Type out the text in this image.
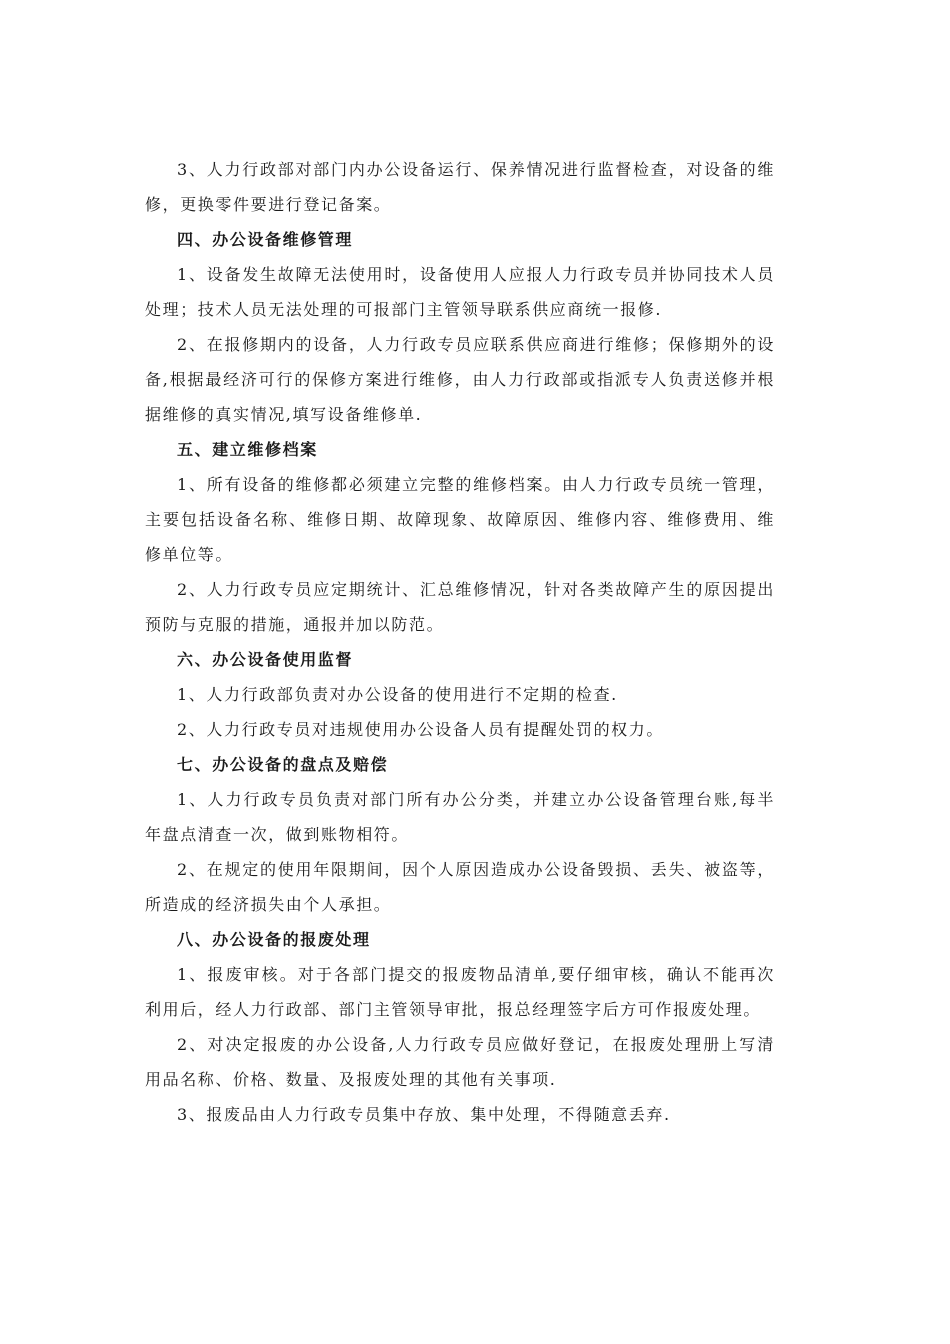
3、人力行政部对部门内办公设备运行、保养情况进行监督检查，对设备的维修，更换零件要进行登记备案。

四、办公设备维修管理

1、设备发生故障无法使用时，设备使用人应报人力行政专员并协同技术人员处理；技术人员无法处理的可报部门主管领导联系供应商统一报修.

2、在报修期内的设备，人力行政专员应联系供应商进行维修；保修期外的设备,根据最经济可行的保修方案进行维修，由人力行政部或指派专人负责送修并根据维修的真实情况,填写设备维修单.

五、建立维修档案

1、所有设备的维修都必须建立完整的维修档案。由人力行政专员统一管理，主要包括设备名称、维修日期、故障现象、故障原因、维修内容、维修费用、维修单位等。

2、人力行政专员应定期统计、汇总维修情况，针对各类故障产生的原因提出预防与克服的措施，通报并加以防范。

六、办公设备使用监督

1、人力行政部负责对办公设备的使用进行不定期的检查.

2、人力行政专员对违规使用办公设备人员有提醒处罚的权力。

七、办公设备的盘点及赔偿

1、人力行政专员负责对部门所有办公分类，并建立办公设备管理台账,每半年盘点清查一次，做到账物相符。

2、在规定的使用年限期间，因个人原因造成办公设备毁损、丢失、被盗等，所造成的经济损失由个人承担。

八、办公设备的报废处理

1、报废审核。对于各部门提交的报废物品清单,要仔细审核，确认不能再次利用后，经人力行政部、部门主管领导审批，报总经理签字后方可作报废处理。

2、对决定报废的办公设备,人力行政专员应做好登记，在报废处理册上写清用品名称、价格、数量、及报废处理的其他有关事项.

3、报废品由人力行政专员集中存放、集中处理，不得随意丢弃.
